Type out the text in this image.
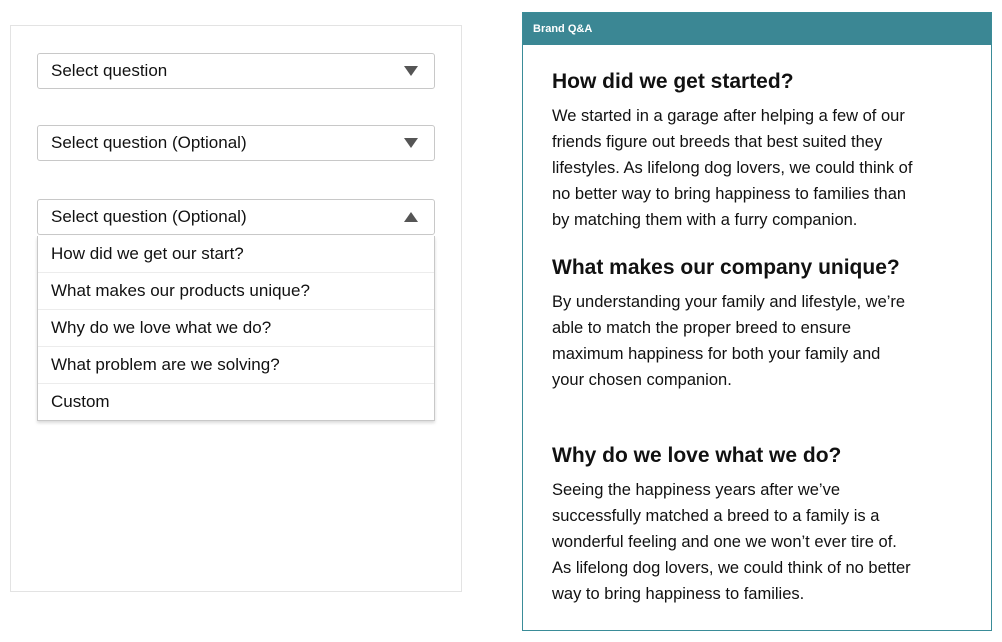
Select question
Select question (Optional)
Select question (Optional)
How did we get our start?
What makes our products unique?
Why do we love what we do?
What problem are we solving?
Custom
Brand Q&A

How did we get started?

We started in a garage after helping a few of our
friends figure out breeds that best suited they
lifestyles. As lifelong dog lovers, we could think of
no better way to bring happiness to families than
by matching them with a furry companion.

What makes our company unique?

By understanding your family and lifestyle, we’re
able to match the proper breed to ensure
maximum happiness for both your family and
your chosen companion.

Why do we love what we do?

Seeing the happiness years after we’ve
successfully matched a breed to a family is a
wonderful feeling and one we won’t ever tire of.
As lifelong dog lovers, we could think of no better
way to bring happiness to families.
